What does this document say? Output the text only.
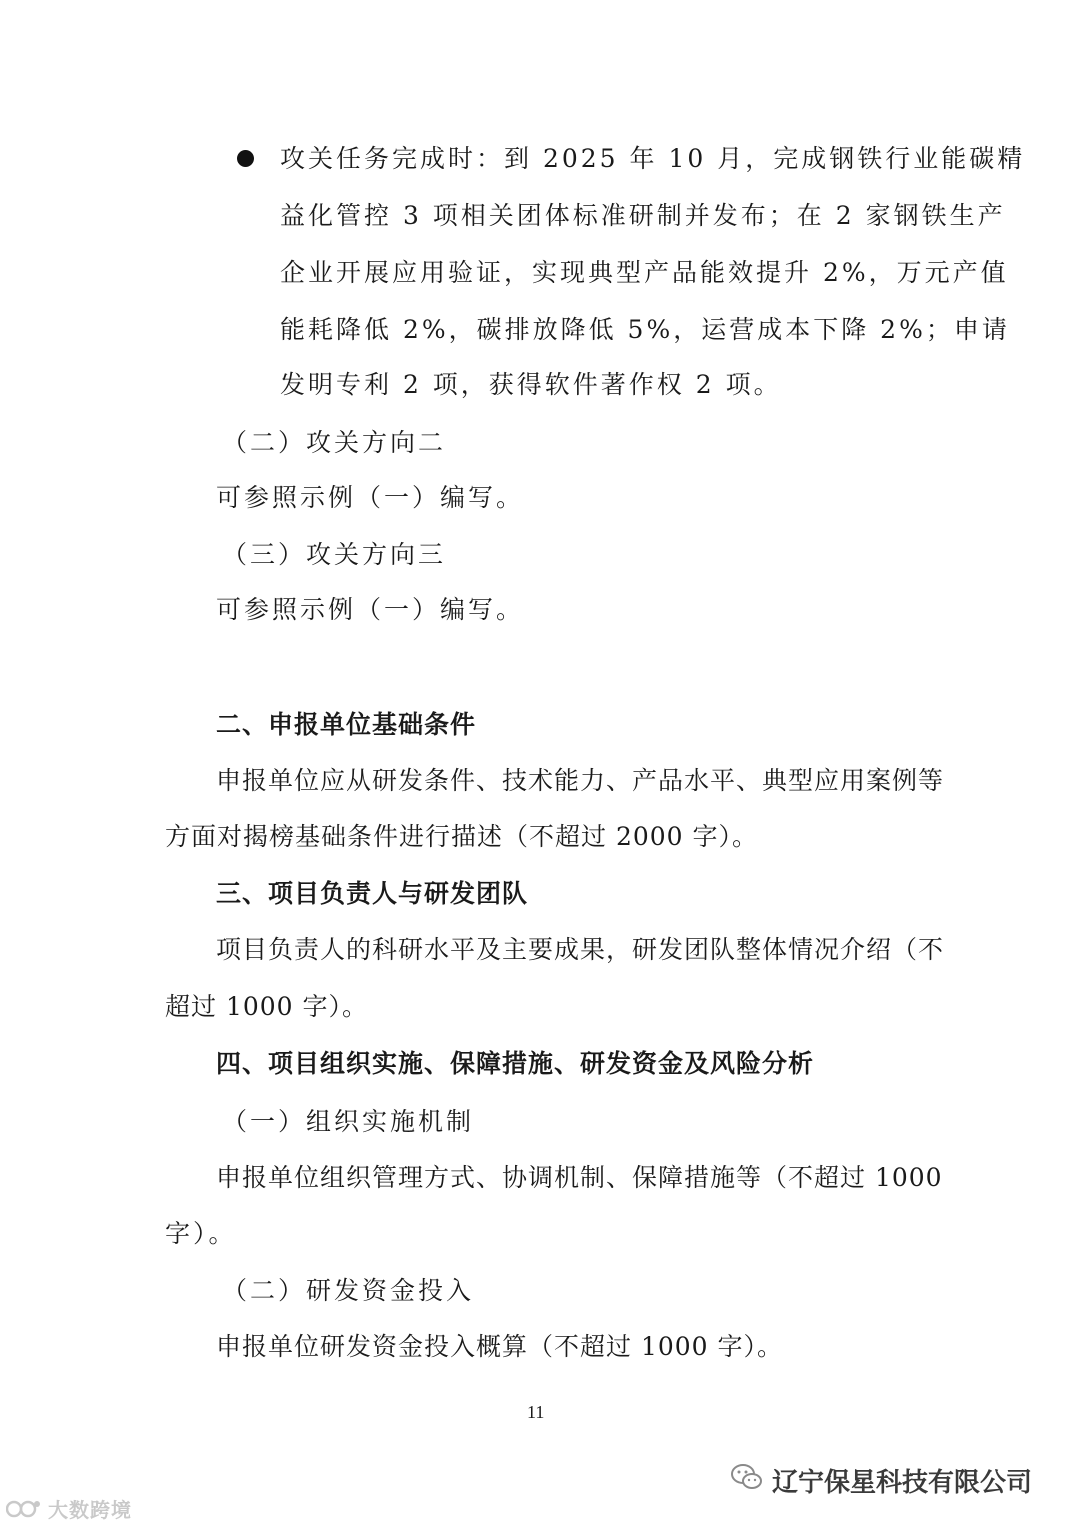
攻关任务完成时：到 2025 年 10 月，完成钢铁行业能碳精
益化管控 3 项相关团体标准研制并发布；在 2 家钢铁生产
企业开展应用验证，实现典型产品能效提升 2%，万元产值
能耗降低 2%，碳排放降低 5%，运营成本下降 2%；申请
发明专利 2 项，获得软件著作权 2 项。
（二）攻关方向二
可参照示例（一）编写。
（三）攻关方向三
可参照示例（一）编写。
二、申报单位基础条件
申报单位应从研发条件、技术能力、产品水平、典型应用案例等
方面对揭榜基础条件进行描述（不超过 2000 字）。
三、项目负责人与研发团队
项目负责人的科研水平及主要成果，研发团队整体情况介绍（不
超过 1000 字）。
四、项目组织实施、保障措施、研发资金及风险分析
（一）组织实施机制
申报单位组织管理方式、协调机制、保障措施等（不超过 1000
字）。
（二）研发资金投入
申报单位研发资金投入概算（不超过 1000 字）。
11
大数跨境
辽宁保星科技有限公司
